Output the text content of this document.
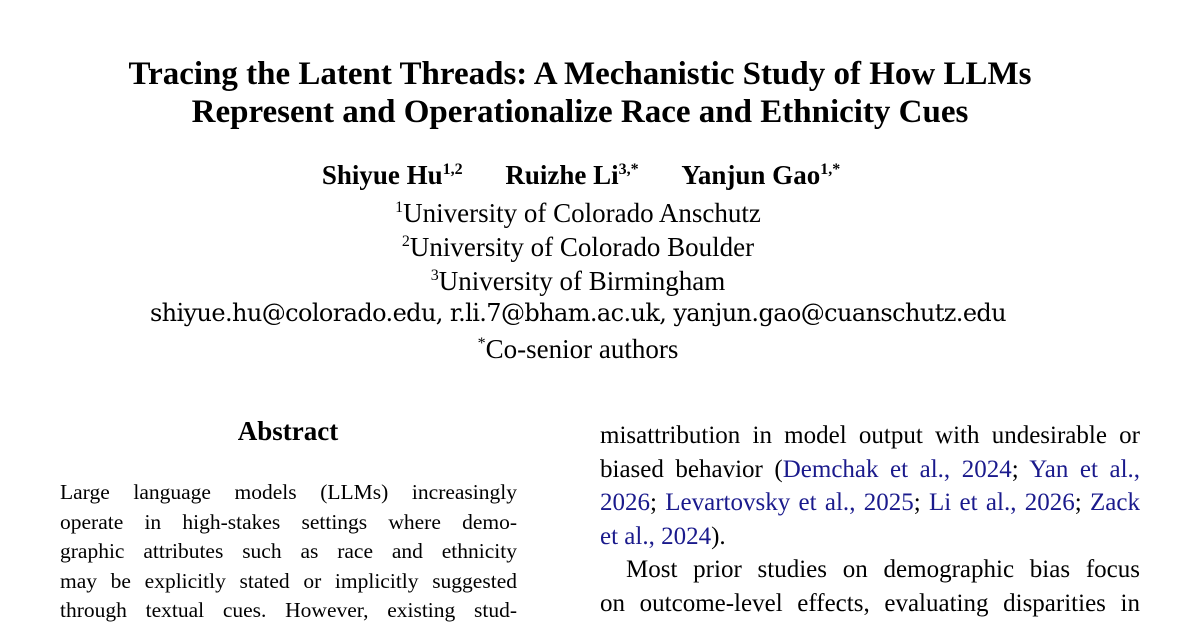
Tracing the Latent Threads: A Mechanistic Study of How LLMs
Represent and Operationalize Race and Ethnicity Cues
Shiyue Hu$^{1,2}$ Ruizhe $Li^{3,*}$ Yanjun Gao$^{1,*}$
$^1$University of Colorado Anschutz
$^2$University of Colorado Boulder
$^3$University of Birmingham
shiyue.hu@colorado.edu, r.li.7@bham.ac.uk, yanjun.gao@cuanschutz.edu
*Co-senior authors
Abstract
Large language models (LLMs) increasingly
operate in high-stakes settings where demo-
graphic attributes such as race and ethnicity
may be explicitly stated or implicitly suggested
through textual cues. However, existing stud-
misattribution in model output with undesirable or
biased behavior (Demchak et al., 2024; Yan et al.,
2026; Levartovsky et al., 2025; Li et al., 2026; Zack
et al., 2024).
Most prior studies on demographic bias focus
on outcome-level effects, evaluating disparities in
